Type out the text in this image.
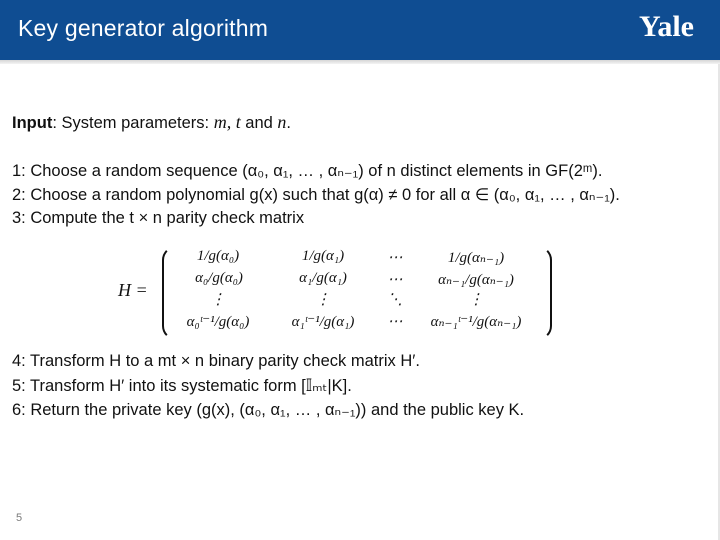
Key generator algorithm	Yale
Input: System parameters: m, t and n.
1: Choose a random sequence (α₀, α₁, … , αₙ₋₁) of n distinct elements in GF(2ᵐ).
2: Choose a random polynomial g(x) such that g(α) ≠ 0 for all α ∈ (α₀, α₁, … , αₙ₋₁).
3: Compute the t × n parity check matrix
H =
1/g(α₀)	1/g(α₁)	⋯	1/g(αₙ₋₁)
α₀/g(α₀)	α₁/g(α₁)	⋯	αₙ₋₁/g(αₙ₋₁)
⋮	⋮	⋱	⋮
α₀ᵗ⁻¹/g(α₀)	α₁ᵗ⁻¹/g(α₁)	⋯	αₙ₋₁ᵗ⁻¹/g(αₙ₋₁)
4: Transform H to a mt × n binary parity check matrix H′.
5: Transform H′ into its systematic form [𝕀ₘₜ|K].
6: Return the private key (g(x), (α₀, α₁, … , αₙ₋₁)) and the public key K.
5
